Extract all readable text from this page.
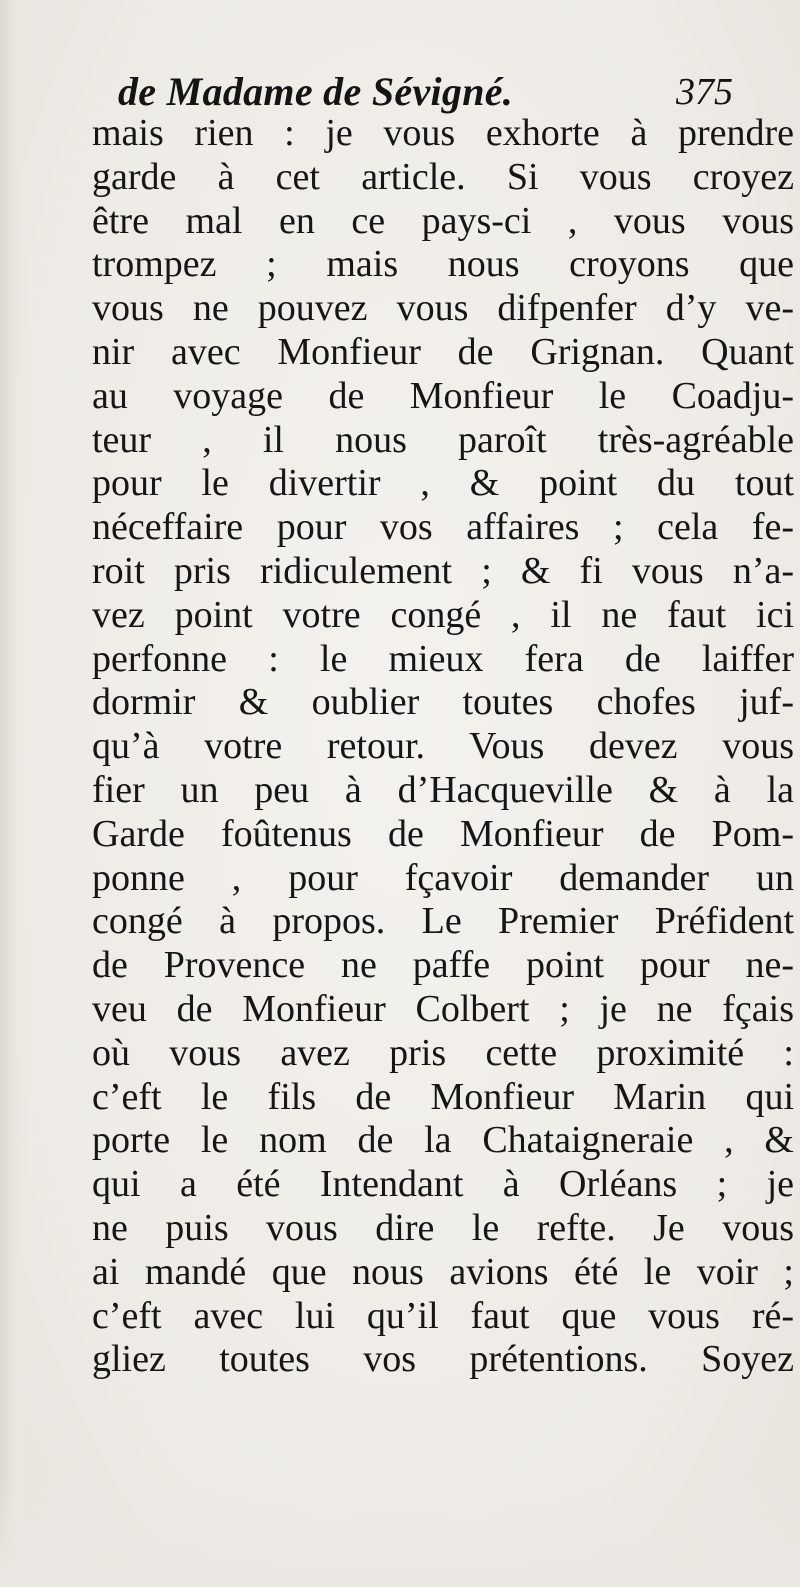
de Madame de Sévigné.	375
mais rien : je vous exhorte à prendre
garde à cet article. Si vous croyez
être mal en ce pays-ci , vous vous
trompez ; mais nous croyons que
vous ne pouvez vous difpenfer d’y ve-
nir avec Monfieur de Grignan. Quant
au voyage de Monfieur le Coadju-
teur , il nous paroît très-agréable
pour le divertir , & point du tout
néceffaire pour vos affaires ; cela fe-
roit pris ridiculement ; & fi vous n’a-
vez point votre congé , il ne faut ici
perfonne : le mieux fera de laiffer
dormir & oublier toutes chofes juf-
qu’à votre retour. Vous devez vous
fier un peu à d’Hacqueville & à la
Garde foûtenus de Monfieur de Pom-
ponne , pour fçavoir demander un
congé à propos. Le Premier Préfident
de Provence ne paffe point pour ne-
veu de Monfieur Colbert ; je ne fçais
où vous avez pris cette proximité :
c’eft le fils de Monfieur Marin qui
porte le nom de la Chataigneraie , &
qui a été Intendant à Orléans ; je
ne puis vous dire le refte. Je vous
ai mandé que nous avions été le voir ;
c’eft avec lui qu’il faut que vous ré-
gliez toutes vos prétentions. Soyez
